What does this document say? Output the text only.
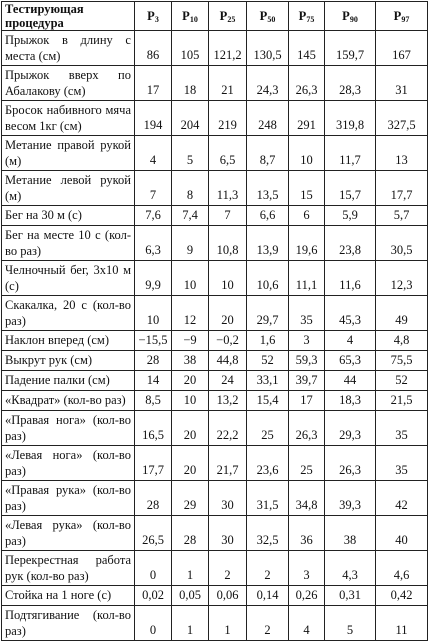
Тестирующая процедура	$P_3$	$P_{10}$	$P_{25}$	$P_{50}$	$P_{75}$	$P_{90}$	$P_{97}$
Прыжок в длину с места (см)	86	105	121,2	130,5	145	159,7	167
Прыжок вверх по Абалакову (см)	17	18	21	24,3	26,3	28,3	31
Бросок набивного мяча весом 1кг (см)	194	204	219	248	291	319,8	327,5
Метание правой рукой (м)	4	5	6,5	8,7	10	11,7	13
Метание левой рукой (м)	7	8	11,3	13,5	15	15,7	17,7
Бег на 30 м (с)	7,6	7,4	7	6,6	6	5,9	5,7
Бег на месте 10 с (кол-во раз)	6,3	9	10,8	13,9	19,6	23,8	30,5
Челночный бег, 3x10 м (с)	9,9	10	10	10,6	11,1	11,6	12,3
Скакалка, 20 с (кол-во раз)	10	12	20	29,7	35	45,3	49
Наклон вперед (см)	−15,5	−9	−0,2	1,6	3	4	4,8
Выкрут рук (см)	28	38	44,8	52	59,3	65,3	75,5
Падение палки (см)	14	20	24	33,1	39,7	44	52
«Квадрат» (кол-во раз)	8,5	10	13,2	15,4	17	18,3	21,5
«Правая нога» (кол-во раз)	16,5	20	22,2	25	26,3	29,3	35
«Левая нога» (кол-во раз)	17,7	20	21,7	23,6	25	26,3	35
«Правая рука» (кол-во раз)	28	29	30	31,5	34,8	39,3	42
«Левая рука» (кол-во раз)	26,5	28	30	32,5	36	38	40
Перекрестная работа рук (кол-во раз)	0	1	2	2	3	4,3	4,6
Стойка на 1 ноге (с)	0,02	0,05	0,06	0,14	0,26	0,31	0,42
Подтягивание (кол-во раз)	0	1	1	2	4	5	11
